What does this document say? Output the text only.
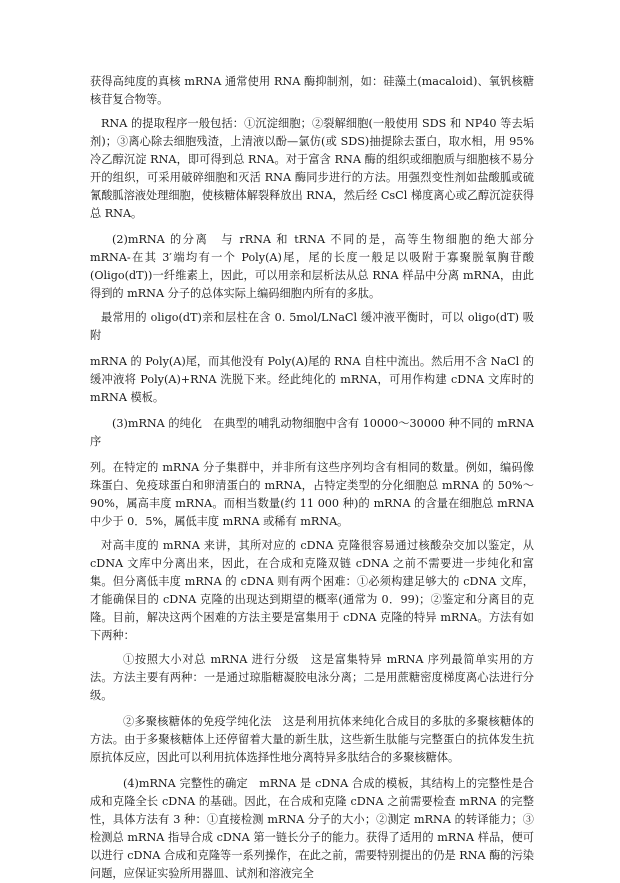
获得高纯度的真核 mRNA 通常使用 RNA 酶抑制剂，如：硅藻土(macaloid)、氧钒核糖核苷复合物等。

RNA 的提取程序一般包括：①沉淀细胞；②裂解细胞(一般使用 SDS 和 NP40 等去垢剂)；③离心除去细胞残渣，上清液以酚—氯仿(或 SDS)抽提除去蛋白，取水相，用 95%冷乙醇沉淀 RNA，即可得到总 RNA。对于富含 RNA 酶的组织或细胞质与细胞核不易分开的组织，可采用破碎细胞和灭活 RNA 酶同步进行的方法。用强烈变性剂如盐酸胍或硫氰酸胍溶液处理细胞，使核糖体解裂释放出 RNA，然后经 CsCl 梯度离心或乙醇沉淀获得总 RNA。

(2)mRNA 的分离　与 rRNA 和 tRNA 不同的是，高等生物细胞的绝大部分 mRNA-在其 3′端均有一个 Poly(A)尾，尾的长度一般足以吸附于寡聚脱氧胸苷酸(Oligo(dT))一纤维素上，因此，可以用亲和层析法从总 RNA 样品中分离 mRNA，由此得到的 mRNA 分子的总体实际上编码细胞内所有的多肽。

最常用的 oligo(dT)亲和层柱在含 0. 5mol/LNaCl 缓冲液平衡时，可以 oligo(dT) 吸附

mRNA 的 Poly(A)尾，而其他没有 Poly(A)尾的 RNA 自柱中流出。然后用不含 NaCl 的缓冲液将 Poly(A)+RNA 洗脱下来。经此纯化的 mRNA，可用作构建 cDNA 文库时的 mRNA 模板。

(3)mRNA 的纯化　在典型的哺乳动物细胞中含有 10000～30000 种不同的 mRNA 序

列。在特定的 mRNA 分子集群中，并非所有这些序列均含有相同的数量。例如，编码像珠蛋白、免疫球蛋白和卵清蛋白的 mRNA，占特定类型的分化细胞总 mRNA 的 50%～90%，属高丰度 mRNA。而相当数量(约 11 000 种)的 mRNA 的含量在细胞总 mRNA 中少于 0．5%，属低丰度 mRNA 或稀有 mRNA。

对高丰度的 mRNA 来讲，其所对应的 cDNA 克隆很容易通过核酸杂交加以鉴定，从 cDNA 文库中分离出来，因此，在合成和克隆双链 cDNA 之前不需要进一步纯化和富集。但分离低丰度 mRNA 的 cDNA 则有两个困难：①必须构建足够大的 cDNA 文库，才能确保目的 cDNA 克隆的出现达到期望的概率(通常为 0．99)；②鉴定和分离目的克隆。目前，解决这两个困难的方法主要是富集用于 cDNA 克隆的特异 mRNA。方法有如下两种：

①按照大小对总 mRNA 进行分级　这是富集特异 mRNA 序列最简单实用的方法。方法主要有两种：一是通过琼脂糖凝胶电泳分离；二是用蔗糖密度梯度离心法进行分级。

②多聚核糖体的免疫学纯化法　这是利用抗体来纯化合成目的多肽的多聚核糖体的方法。由于多聚核糖体上还停留着大量的新生肽，这些新生肽能与完整蛋白的抗体发生抗原抗体反应，因此可以利用抗体选择性地分离特异多肽结合的多聚核糖体。

(4)mRNA 完整性的确定　mRNA 是 cDNA 合成的模板，其结构上的完整性是合成和克隆全长 cDNA 的基础。因此，在合成和克隆 cDNA 之前需要检查 mRNA 的完整性，具体方法有 3 种：①直接检测 mRNA 分子的大小；②测定 mRNA 的转译能力；③检测总 mRNA 指导合成 cDNA 第一链长分子的能力。获得了适用的 mRNA 样品，便可以进行 cDNA 合成和克隆等一系列操作，在此之前，需要特别提出的仍是 RNA 酶的污染问题，应保证实验所用器皿、试剂和溶液完全
